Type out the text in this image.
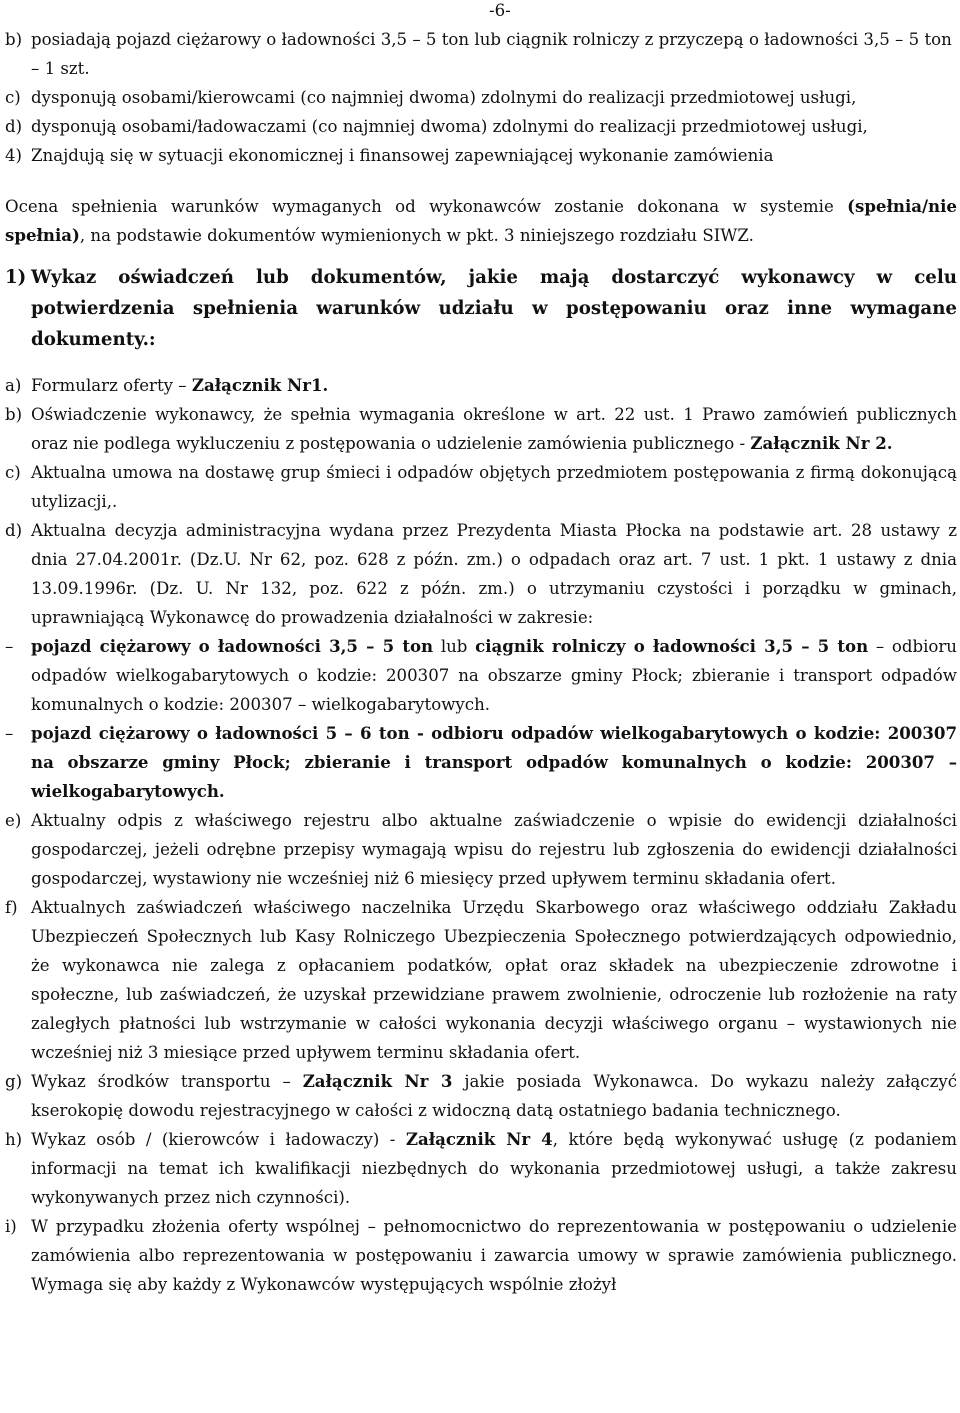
-6-
b) posiadają pojazd ciężarowy o ładowności 3,5 – 5 ton lub ciągnik rolniczy z przyczepą o ładowności 3,5 – 5 ton – 1 szt.
c) dysponują osobami/kierowcami (co najmniej dwoma) zdolnymi do realizacji przedmiotowej usługi,
d) dysponują osobami/ładowaczami (co najmniej dwoma) zdolnymi do realizacji przedmiotowej usługi,
4) Znajdują się w sytuacji ekonomicznej i finansowej zapewniającej wykonanie zamówienia

Ocena spełnienia warunków wymaganych od wykonawców zostanie dokonana w systemie (spełnia/nie spełnia), na podstawie dokumentów wymienionych w pkt. 3 niniejszego rozdziału SIWZ.

1) Wykaz oświadczeń lub dokumentów, jakie mają dostarczyć wykonawcy w celu potwierdzenia spełnienia warunków udziału w postępowaniu oraz inne wymagane dokumenty.:
a) Formularz oferty – Załącznik Nr1.
b) Oświadczenie wykonawcy, że spełnia wymagania określone w art. 22 ust. 1 Prawo zamówień publicznych oraz nie podlega wykluczeniu z postępowania o udzielenie zamówienia publicznego - Załącznik Nr 2.
c) Aktualna umowa na dostawę grup śmieci i odpadów objętych przedmiotem postępowania z firmą dokonującą utylizacji,.
d) Aktualna decyzja administracyjna wydana przez Prezydenta Miasta Płocka na podstawie art. 28 ustawy z dnia 27.04.2001r. (Dz.U. Nr 62, poz. 628 z późn. zm.) o odpadach oraz art. 7 ust. 1 pkt. 1 ustawy z dnia 13.09.1996r. (Dz. U. Nr 132, poz. 622 z późn. zm.) o utrzymaniu czystości i porządku w gminach, uprawniającą Wykonawcę do prowadzenia działalności w zakresie:
–	pojazd ciężarowy o ładowności 3,5 – 5 ton lub ciągnik rolniczy o ładowności 3,5 – 5 ton – odbioru odpadów wielkogabarytowych o kodzie: 200307 na obszarze gminy Płock; zbieranie i transport odpadów komunalnych o kodzie: 200307 – wielkogabarytowych.
–	pojazd ciężarowy o ładowności 5 – 6 ton - odbioru odpadów wielkogabarytowych o kodzie: 200307 na obszarze gminy Płock; zbieranie i transport odpadów komunalnych o kodzie: 200307 – wielkogabarytowych.
e) Aktualny odpis z właściwego rejestru albo aktualne zaświadczenie o wpisie do ewidencji działalności gospodarczej, jeżeli odrębne przepisy wymagają wpisu do rejestru lub zgłoszenia do ewidencji działalności gospodarczej, wystawiony nie wcześniej niż 6 miesięcy przed upływem terminu składania ofert.
f) Aktualnych zaświadczeń właściwego naczelnika Urzędu Skarbowego oraz właściwego oddziału Zakładu Ubezpieczeń Społecznych lub Kasy Rolniczego Ubezpieczenia Społecznego potwierdzających odpowiednio, że wykonawca nie zalega z opłacaniem podatków, opłat oraz składek na ubezpieczenie zdrowotne i społeczne, lub zaświadczeń, że uzyskał przewidziane prawem zwolnienie, odroczenie lub rozłożenie na raty zaległych płatności lub wstrzymanie w całości wykonania decyzji właściwego organu – wystawionych nie wcześniej niż 3 miesiące przed upływem terminu składania ofert.
g) Wykaz środków transportu – Załącznik Nr 3 jakie posiada Wykonawca. Do wykazu należy załączyć kserokopię dowodu rejestracyjnego w całości z widoczną datą ostatniego badania technicznego.
h) Wykaz osób / (kierowców i ładowaczy) - Załącznik Nr 4, które będą wykonywać usługę (z podaniem informacji na temat ich kwalifikacji niezbędnych do wykonania przedmiotowej usługi, a także zakresu wykonywanych przez nich czynności).
i) W przypadku złożenia oferty wspólnej – pełnomocnictwo do reprezentowania w postępowaniu o udzielenie zamówienia albo reprezentowania w postępowaniu i zawarcia umowy w sprawie zamówienia publicznego. Wymaga się aby każdy z Wykonawców występujących wspólnie złożył
